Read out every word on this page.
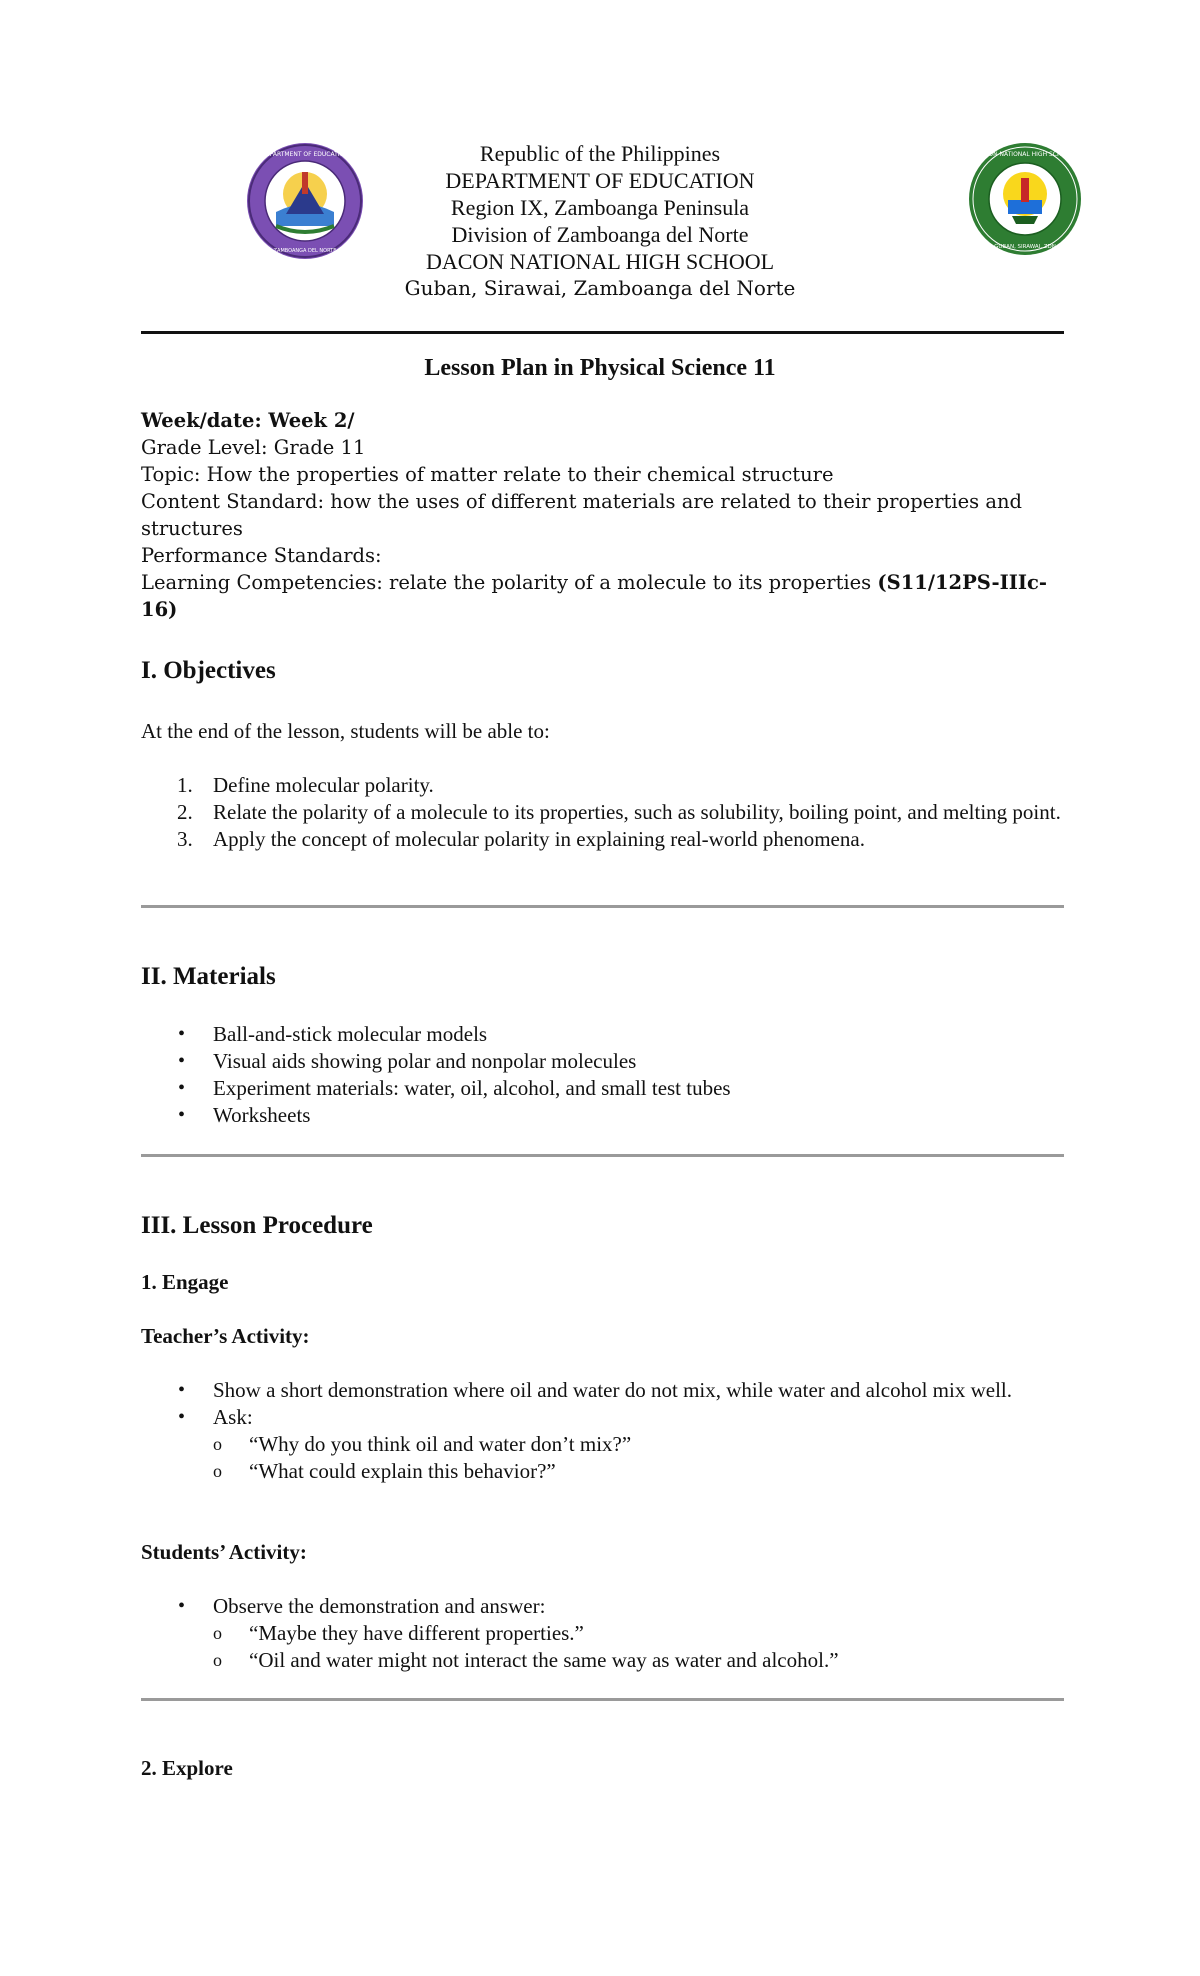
DEPARTMENT OF EDUCATION
ZAMBOANGA DEL NORTE
Republic of the Philippines
DEPARTMENT OF EDUCATION
Region IX, Zamboanga Peninsula
Division of Zamboanga del Norte
DACON NATIONAL HIGH SCHOOL
Guban, Sirawai, Zamboanga del Norte
DACON NATIONAL HIGH SCHOOL
GUBAN, SIRAWAI, ZDN
Lesson Plan in Physical Science 11
Week/date: Week 2/
Grade Level: Grade 11
Topic: How the properties of matter relate to their chemical structure
Content Standard: how the uses of different materials are related to their properties and structures
Performance Standards:
Learning Competencies: relate the polarity of a molecule to its properties (S11/12PS-IIIc-16)
I. Objectives
At the end of the lesson, students will be able to:
1. Define molecular polarity.
2. Relate the polarity of a molecule to its properties, such as solubility, boiling point, and melting point.
3. Apply the concept of molecular polarity in explaining real-world phenomena.
II. Materials
• Ball-and-stick molecular models
• Visual aids showing polar and nonpolar molecules
• Experiment materials: water, oil, alcohol, and small test tubes
• Worksheets
III. Lesson Procedure
1. Engage
Teacher’s Activity:
• Show a short demonstration where oil and water do not mix, while water and alcohol mix well.
• Ask:
o “Why do you think oil and water don’t mix?”
o “What could explain this behavior?”
Students’ Activity:
• Observe the demonstration and answer:
o “Maybe they have different properties.”
o “Oil and water might not interact the same way as water and alcohol.”
2. Explore
